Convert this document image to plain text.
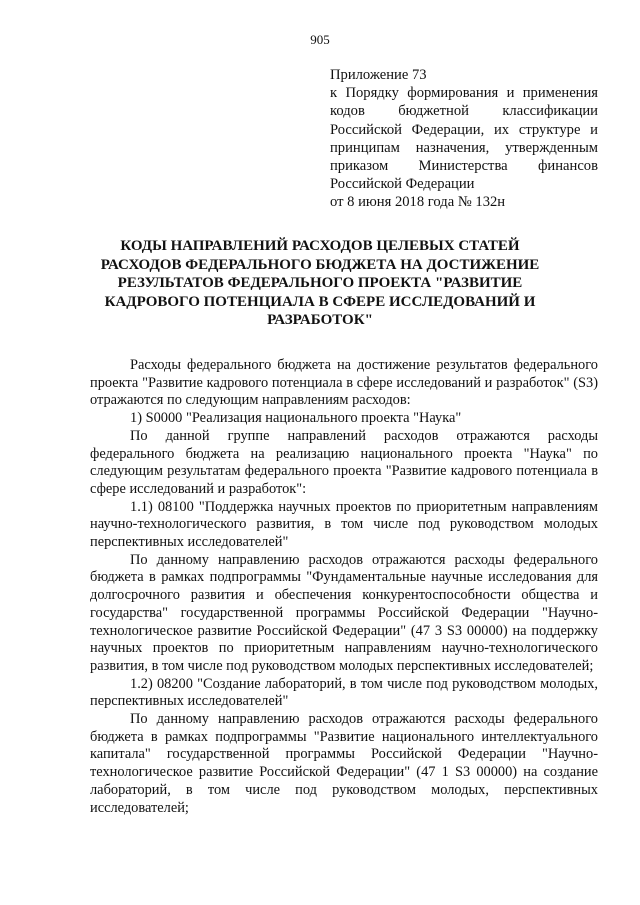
905
Приложение 73
к Порядку формирования и применения кодов бюджетной классификации Российской Федерации, их структуре и принципам назначения, утвержденным приказом Министерства финансов Российской Федерации
от 8 июня 2018 года № 132н
КОДЫ НАПРАВЛЕНИЙ РАСХОДОВ ЦЕЛЕВЫХ СТАТЕЙ РАСХОДОВ ФЕДЕРАЛЬНОГО БЮДЖЕТА НА ДОСТИЖЕНИЕ РЕЗУЛЬТАТОВ ФЕДЕРАЛЬНОГО ПРОЕКТА "РАЗВИТИЕ КАДРОВОГО ПОТЕНЦИАЛА В СФЕРЕ ИССЛЕДОВАНИЙ И РАЗРАБОТОК"

Расходы федерального бюджета на достижение результатов федерального проекта "Развитие кадрового потенциала в сфере исследований и разработок" (S3) отражаются по следующим направлениям расходов:

1) S0000 "Реализация национального проекта "Наука"

По данной группе направлений расходов отражаются расходы федерального бюджета на реализацию национального проекта "Наука" по следующим результатам федерального проекта "Развитие кадрового потенциала в сфере исследований и разработок":

1.1) 08100 "Поддержка научных проектов по приоритетным направлениям научно-технологического развития, в том числе под руководством молодых перспективных исследователей"

По данному направлению расходов отражаются расходы федерального бюджета в рамках подпрограммы "Фундаментальные научные исследования для долгосрочного развития и обеспечения конкурентоспособности общества и государства" государственной программы Российской Федерации "Научно-технологическое развитие Российской Федерации" (47 3 S3 00000) на поддержку научных проектов по приоритетным направлениям научно-технологического развития, в том числе под руководством молодых перспективных исследователей;

1.2) 08200 "Создание лабораторий, в том числе под руководством молодых, перспективных исследователей"

По данному направлению расходов отражаются расходы федерального бюджета в рамках подпрограммы "Развитие национального интеллектуального капитала" государственной программы Российской Федерации "Научно-технологическое развитие Российской Федерации" (47 1 S3 00000) на создание лабораторий, в том числе под руководством молодых, перспективных исследователей;
